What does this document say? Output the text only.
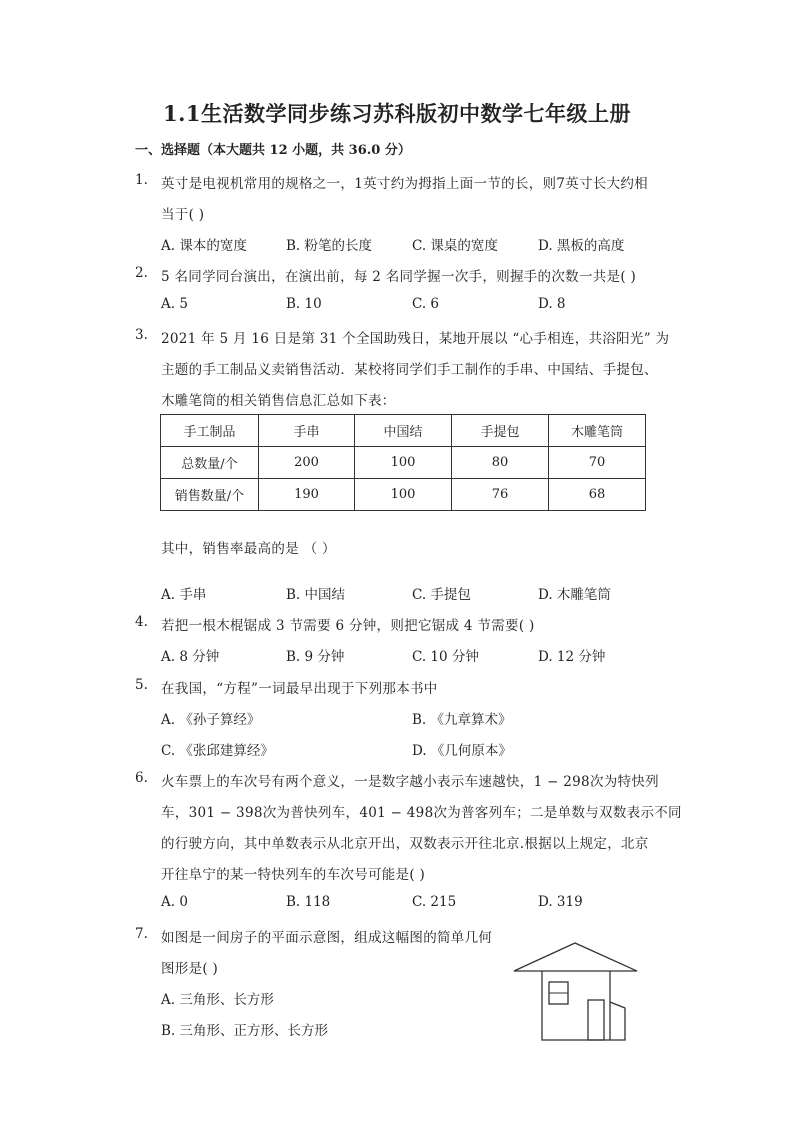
1.1生活数学同步练习苏科版初中数学七年级上册
一、选择题（本大题共 12 小题，共 36.0 分）
1. 英寸是电视机常用的规格之一，1英寸约为拇指上面一节的长，则7英寸长大约相
当于( )
A. 课本的宽度	B. 粉笔的长度	C. 课桌的宽度	D. 黑板的高度
2. 5 名同学同台演出，在演出前，每 2 名同学握一次手，则握手的次数一共是( )
A. 5	B. 10	C. 6	D. 8
3. 2021 年 5 月 16 日是第 31 个全国助残日，某地开展以 “心手相连，共浴阳光” 为
主题的手工制品义卖销售活动．某校将同学们手工制作的手串、中国结、手提包、
木雕笔筒的相关销售信息汇总如下表：
手工制品	手串	中国结	手提包	木雕笔筒
总数量/个	200	100	80	70
销售数量/个	190	100	76	68
其中，销售率最高的是 （ ）
A. 手串	B. 中国结	C. 手提包	D. 木雕笔筒
4. 若把一根木棍锯成 3 节需要 6 分钟，则把它锯成 4 节需要( )
A. 8 分钟	B. 9 分钟	C. 10 分钟	D. 12 分钟
5. 在我国，“方程”一词最早出现于下列那本书中
A. 《孙子算经》	B. 《九章算术》
C. 《张邱建算经》	D. 《几何原本》
6. 火车票上的车次号有两个意义，一是数字越小表示车速越快，1 − 298次为特快列
车，301 − 398次为普快列车，401 − 498次为普客列车；二是单数与双数表示不同
的行驶方向，其中单数表示从北京开出，双数表示开往北京.根据以上规定，北京
开往阜宁的某一特快列车的车次号可能是( )
A. 0	B. 118	C. 215	D. 319
7. 如图是一间房子的平面示意图，组成这幅图的简单几何
图形是( )
A. 三角形、长方形
B. 三角形、正方形、长方形
